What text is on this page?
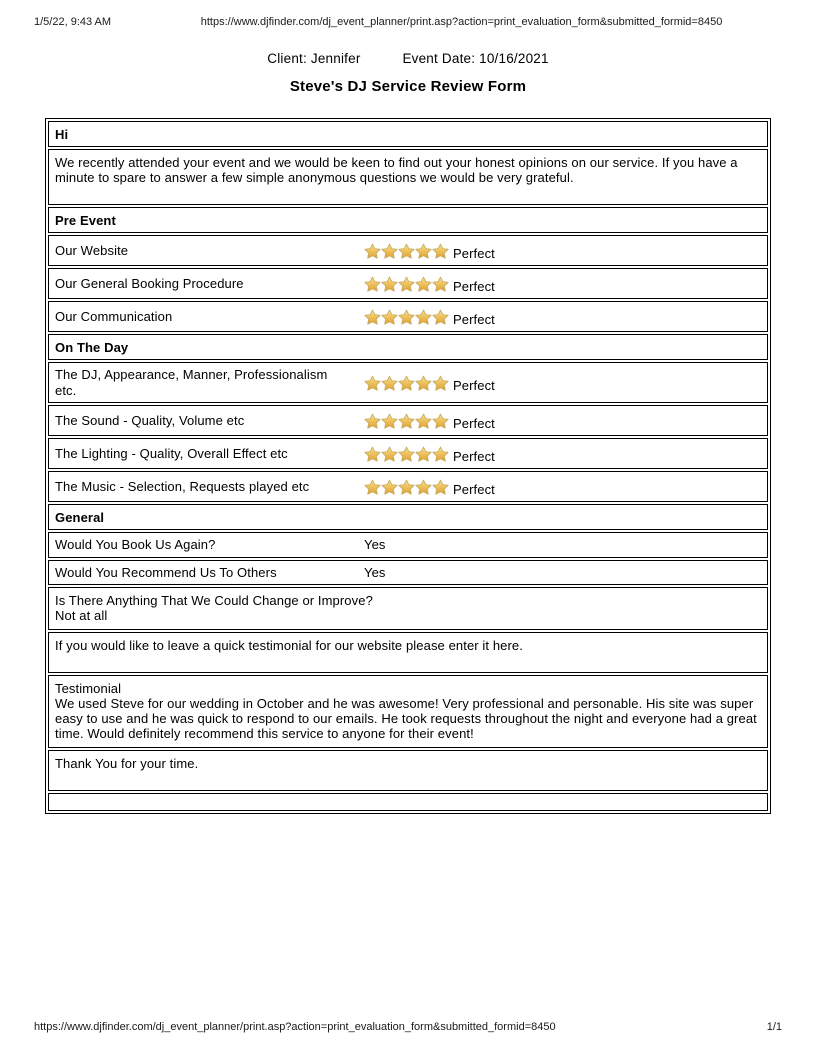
1/5/22, 9:43 AM	https://www.djfinder.com/dj_event_planner/print.asp?action=print_evaluation_form&submitted_formid=8450
Client: Jennifer	Event Date: 10/16/2021
Steve's DJ Service Review Form
Hi
We recently attended your event and we would be keen to find out your honest opinions on our service. If you have a minute to spare to answer a few simple anonymous questions we would be very grateful.
Pre Event
Our Website	Perfect
Our General Booking Procedure	Perfect
Our Communication	Perfect
On The Day
The DJ, Appearance, Manner, Professionalism etc.	Perfect
The Sound - Quality, Volume etc	Perfect
The Lighting - Quality, Overall Effect etc	Perfect
The Music - Selection, Requests played etc	Perfect
General
Would You Book Us Again?	Yes
Would You Recommend Us To Others	Yes
Is There Anything That We Could Change or Improve?
Not at all
If you would like to leave a quick testimonial for our website please enter it here.
Testimonial
We used Steve for our wedding in October and he was awesome! Very professional and personable. His site was super easy to use and he was quick to respond to our emails. He took requests throughout the night and everyone had a great time. Would definitely recommend this service to anyone for their event!
Thank You for your time.
https://www.djfinder.com/dj_event_planner/print.asp?action=print_evaluation_form&submitted_formid=8450	1/1
